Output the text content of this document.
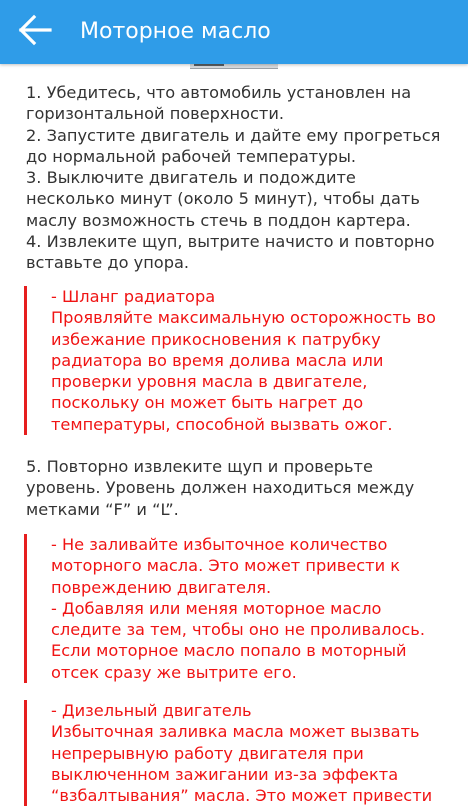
Моторное масло

1. Убедитесь, что автомобиль установлен на горизонтальной поверхности.
2. Запустите двигатель и дайте ему прогреться до нормальной рабочей температуры.
3. Выключите двигатель и подождите несколько минут (около 5 минут), чтобы дать маслу возможность стечь в поддон картера.
4. Извлеките щуп, вытрите начисто и повторно вставьте до упора.

- Шланг радиатора
Проявляйте максимальную осторожность во избежание прикосновения к патрубку радиатора во время долива масла или проверки уровня масла в двигателе, поскольку он может быть нагрет до температуры, способной вызвать ожог.

5. Повторно извлеките щуп и проверьте уровень. Уровень должен находиться между метками “F” и “L”.

- Не заливайте избыточное количество моторного масла. Это может привести к повреждению двигателя.
- Добавляя или меняя моторное масло следите за тем, чтобы оно не проливалось. Если моторное масло попало в моторный отсек сразу же вытрите его.

- Дизельный двигатель
Избыточная заливка масла может вызвать непрерывную работу двигателя при выключенном зажигании из-за эффекта “взбалтывания” масла. Это может привести
